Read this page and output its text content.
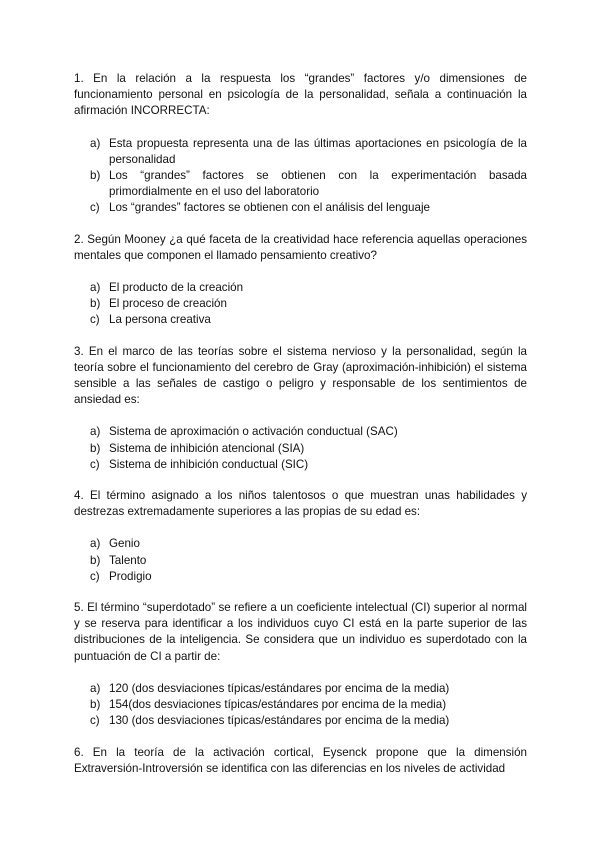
1. En la relación a la respuesta los “grandes” factores y/o dimensiones de funcionamiento personal en psicología de la personalidad, señala a continuación la afirmación INCORRECTA:

a) Esta propuesta representa una de las últimas aportaciones en psicología de la personalidad
b) Los “grandes” factores se obtienen con la experimentación basada primordialmente en el uso del laboratorio
c) Los “grandes” factores se obtienen con el análisis del lenguaje

2. Según Mooney ¿a qué faceta de la creatividad hace referencia aquellas operaciones mentales que componen el llamado pensamiento creativo?

a) El producto de la creación
b) El proceso de creación
c) La persona creativa

3. En el marco de las teorías sobre el sistema nervioso y la personalidad, según la teoría sobre el funcionamiento del cerebro de Gray (aproximación-inhibición) el sistema sensible a las señales de castigo o peligro y responsable de los sentimientos de ansiedad es:

a) Sistema de aproximación o activación conductual (SAC)
b) Sistema de inhibición atencional (SIA)
c) Sistema de inhibición conductual (SIC)

4. El término asignado a los niños talentosos o que muestran unas habilidades y destrezas extremadamente superiores a las propias de su edad es:

a) Genio
b) Talento
c) Prodigio

5. El término “superdotado” se refiere a un coeficiente intelectual (CI) superior al normal y se reserva para identificar a los individuos cuyo CI está en la parte superior de las distribuciones de la inteligencia. Se considera que un individuo es superdotado con la puntuación de CI a partir de:

a) 120 (dos desviaciones típicas/estándares por encima de la media)
b) 154(dos desviaciones típicas/estándares por encima de la media)
c) 130 (dos desviaciones típicas/estándares por encima de la media)

6. En la teoría de la activación cortical, Eysenck propone que la dimensión Extraversión-Introversión se identifica con las diferencias en los niveles de actividad
